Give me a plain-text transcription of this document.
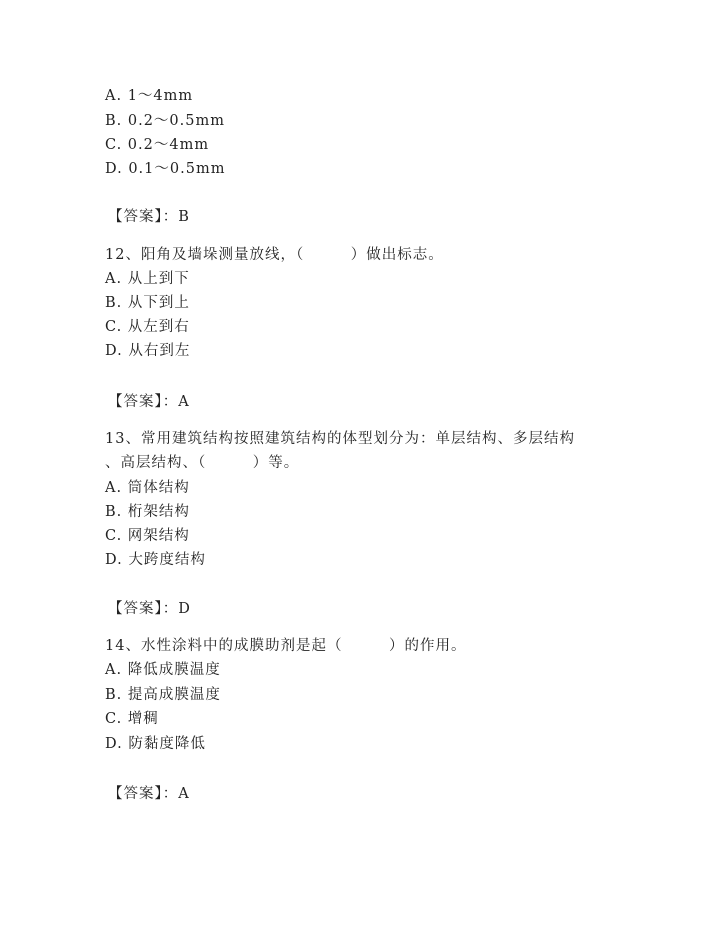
A. 1～4mm
B. 0.2～0.5mm
C. 0.2～4mm
D. 0.1～0.5mm
【答案】：B
12、阳角及墙垛测量放线，（　　　）做出标志。
A. 从上到下
B. 从下到上
C. 从左到右
D. 从右到左
【答案】：A
13、常用建筑结构按照建筑结构的体型划分为：单层结构、多层结构
、高层结构、（　　　）等。
A. 筒体结构
B. 桁架结构
C. 网架结构
D. 大跨度结构
【答案】：D
14、水性涂料中的成膜助剂是起（　　　）的作用。
A. 降低成膜温度
B. 提高成膜温度
C. 增稠
D. 防黏度降低
【答案】：A
